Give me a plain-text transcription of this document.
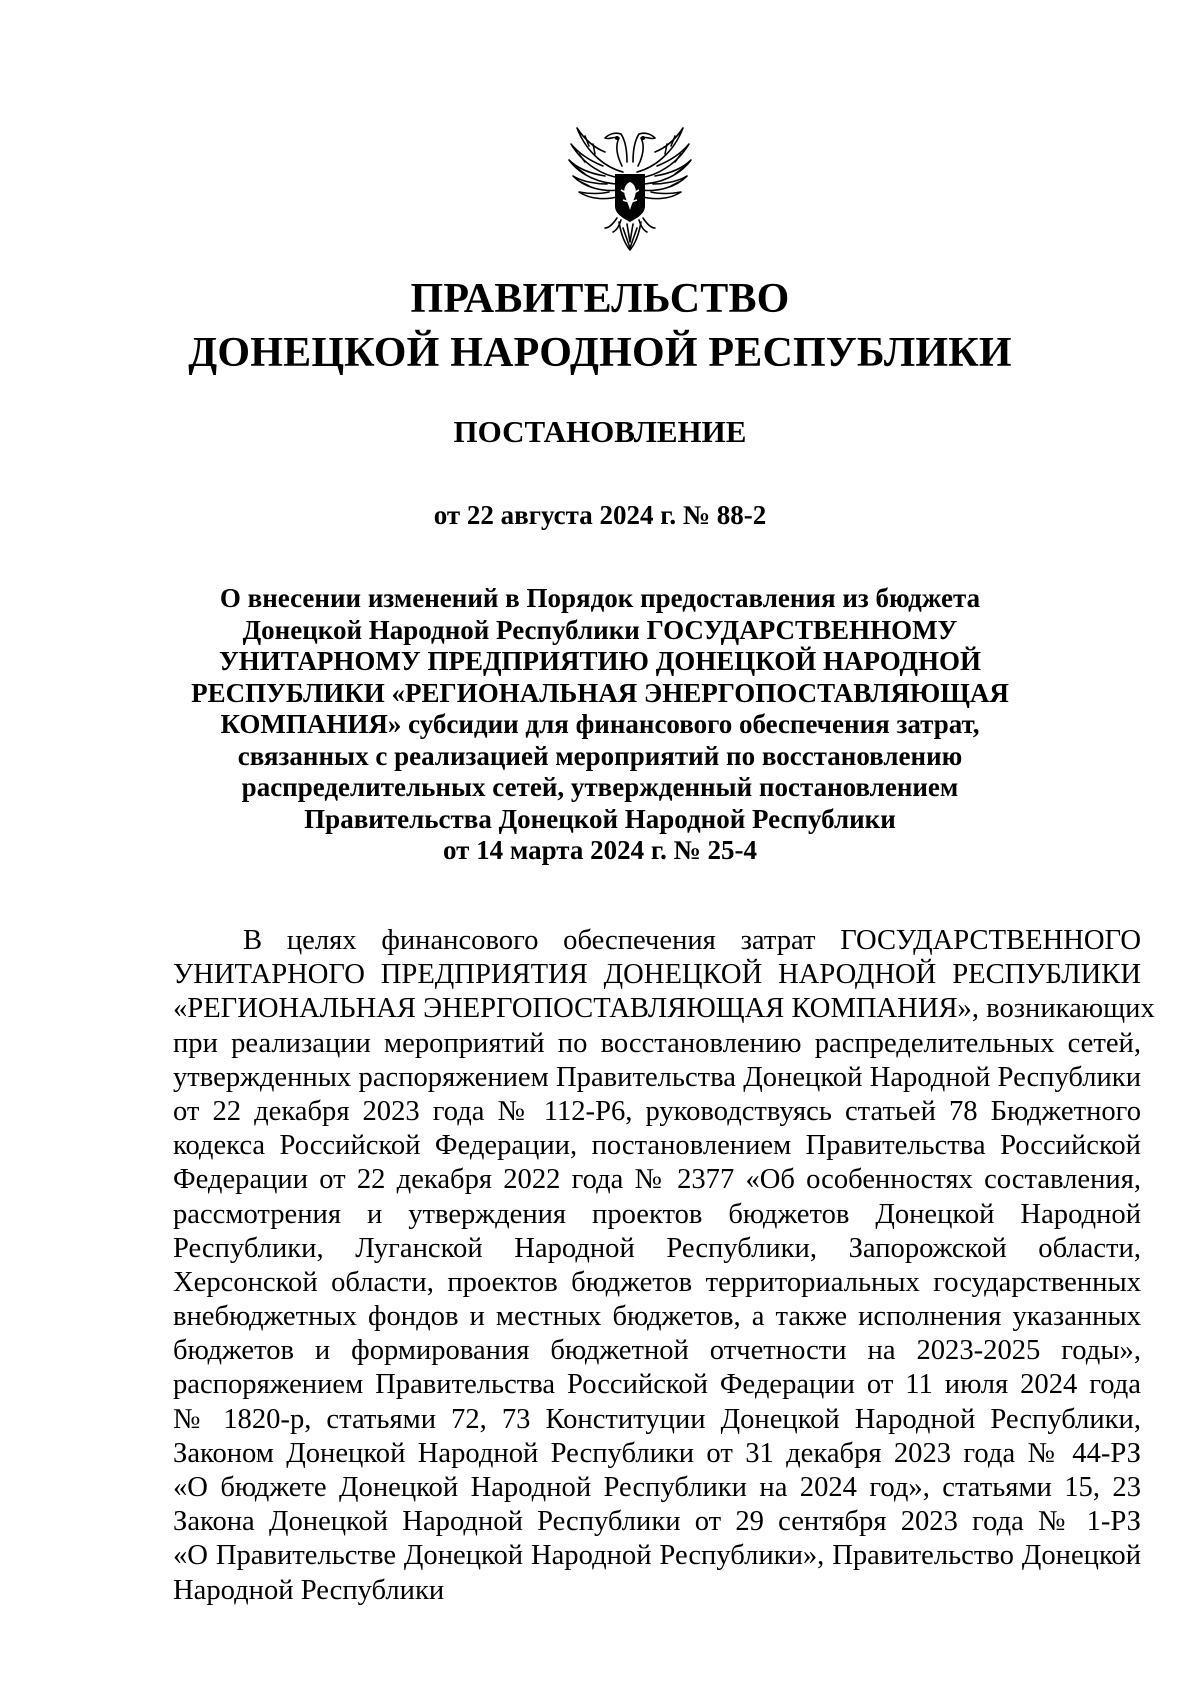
ПРАВИТЕЛЬСТВО
ДОНЕЦКОЙ НАРОДНОЙ РЕСПУБЛИКИ
ПОСТАНОВЛЕНИЕ
от 22 августа 2024 г. № 88-2
О внесении изменений в Порядок предоставления из бюджета
Донецкой Народной Республики ГОСУДАРСТВЕННОМУ
УНИТАРНОМУ ПРЕДПРИЯТИЮ ДОНЕЦКОЙ НАРОДНОЙ
РЕСПУБЛИКИ «РЕГИОНАЛЬНАЯ ЭНЕРГОПОСТАВЛЯЮЩАЯ
КОМПАНИЯ» субсидии для финансового обеспечения затрат,
связанных с реализацией мероприятий по восстановлению
распределительных сетей, утвержденный постановлением
Правительства Донецкой Народной Республики
от 14 марта 2024 г. № 25-4
В целях финансового обеспечения затрат ГОСУДАРСТВЕННОГО
УНИТАРНОГО ПРЕДПРИЯТИЯ ДОНЕЦКОЙ НАРОДНОЙ РЕСПУБЛИКИ
«РЕГИОНАЛЬНАЯ ЭНЕРГОПОСТАВЛЯЮЩАЯ КОМПАНИЯ», возникающих
при реализации мероприятий по восстановлению распределительных сетей,
утвержденных распоряжением Правительства Донецкой Народной Республики
от 22 декабря 2023 года № 112-Р6, руководствуясь статьей 78 Бюджетного
кодекса Российской Федерации, постановлением Правительства Российской
Федерации от 22 декабря 2022 года № 2377 «Об особенностях составления,
рассмотрения и утверждения проектов бюджетов Донецкой Народной
Республики, Луганской Народной Республики, Запорожской области,
Херсонской области, проектов бюджетов территориальных государственных
внебюджетных фондов и местных бюджетов, а также исполнения указанных
бюджетов и формирования бюджетной отчетности на 2023-2025 годы»,
распоряжением Правительства Российской Федерации от 11 июля 2024 года
№ 1820-р, статьями 72, 73 Конституции Донецкой Народной Республики,
Законом Донецкой Народной Республики от 31 декабря 2023 года № 44-РЗ
«О бюджете Донецкой Народной Республики на 2024 год», статьями 15, 23
Закона Донецкой Народной Республики от 29 сентября 2023 года № 1-РЗ
«О Правительстве Донецкой Народной Республики», Правительство Донецкой
Народной Республики
